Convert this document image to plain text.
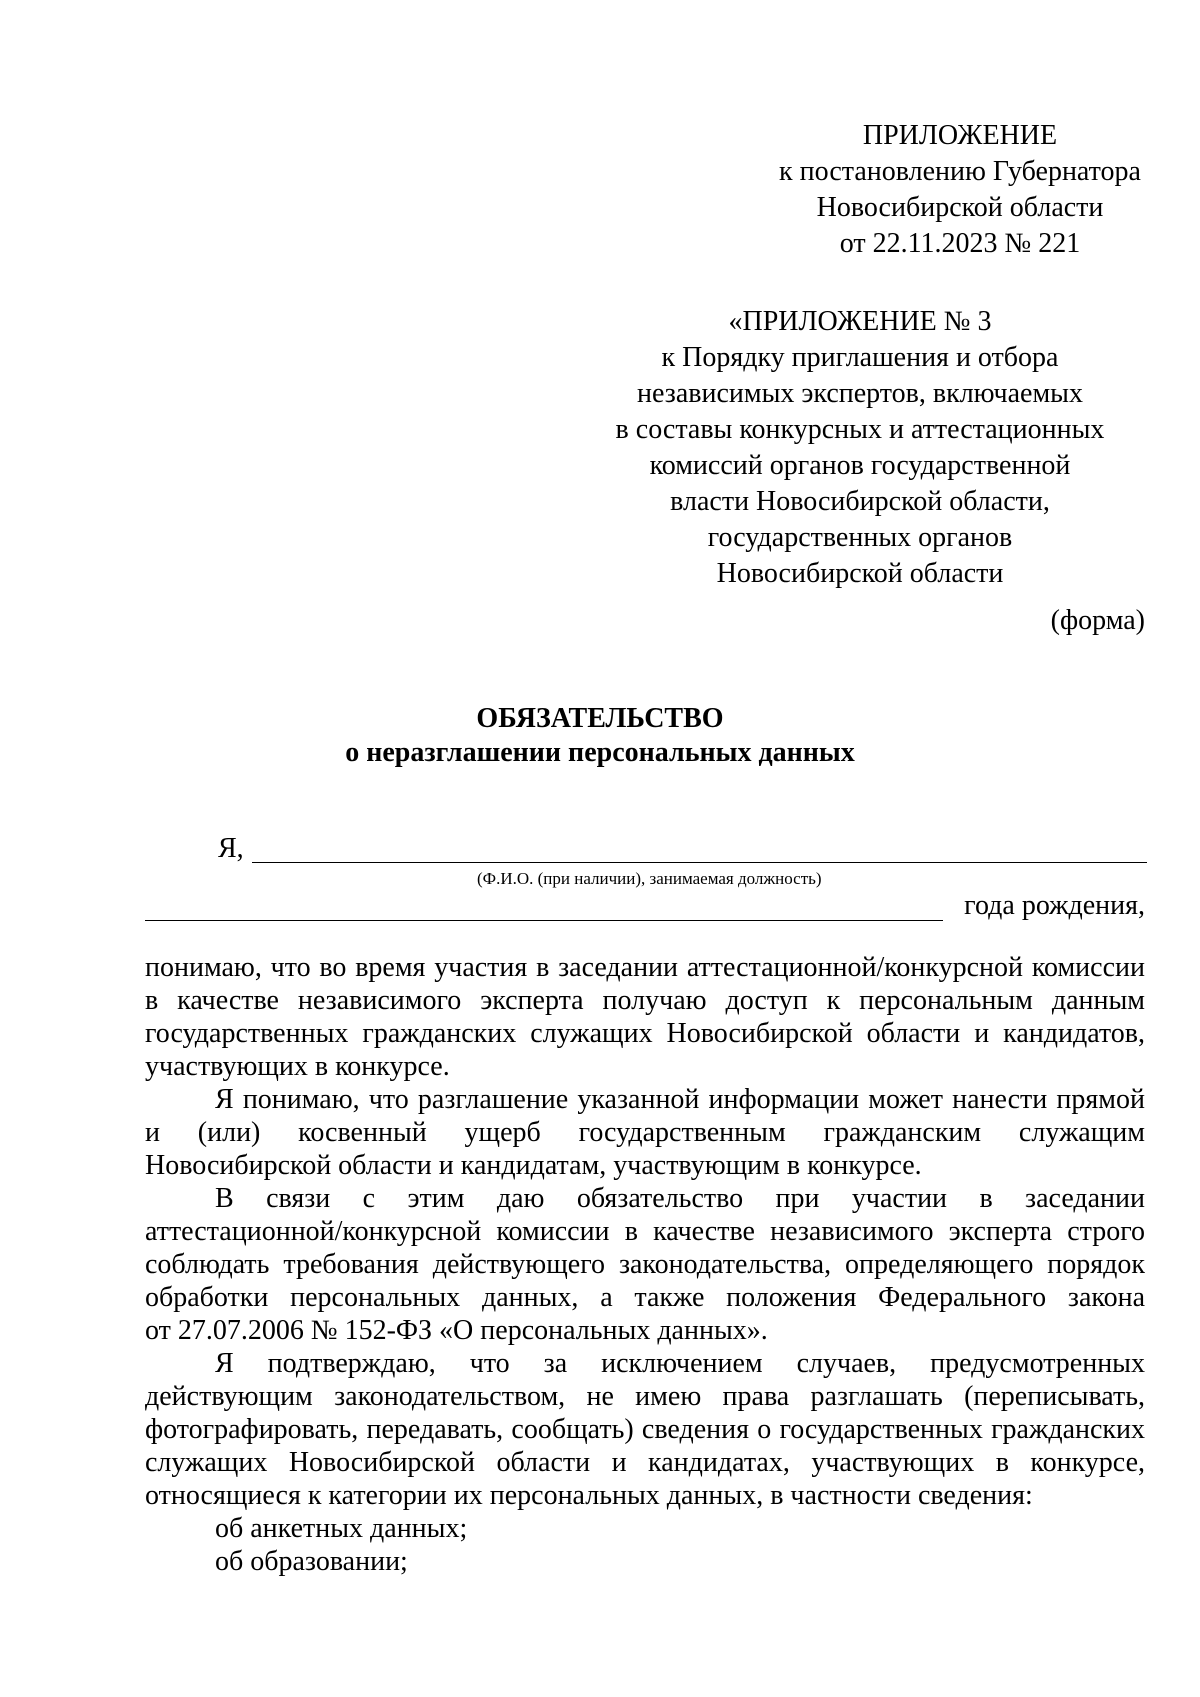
ПРИЛОЖЕНИЕ
к постановлению Губернатора
Новосибирской области
от 22.11.2023 № 221
«ПРИЛОЖЕНИЕ № 3
к Порядку приглашения и отбора
независимых экспертов, включаемых
в составы конкурсных и аттестационных
комиссий органов государственной
власти Новосибирской области,
государственных органов
Новосибирской области
(форма)
ОБЯЗАТЕЛЬСТВО
о неразглашении персональных данных
Я,
(Ф.И.О. (при наличии), занимаемая должность)
года рождения,
понимаю, что во время участия в заседании аттестационной/конкурсной комиссии
в качестве независимого эксперта получаю доступ к персональным данным
государственных гражданских служащих Новосибирской области и кандидатов,
участвующих в конкурсе.
Я понимаю, что разглашение указанной информации может нанести прямой
и (или) косвенный ущерб государственным гражданским служащим
Новосибирской области и кандидатам, участвующим в конкурсе.
В связи с этим даю обязательство при участии в заседании
аттестационной/конкурсной комиссии в качестве независимого эксперта строго
соблюдать требования действующего законодательства, определяющего порядок
обработки персональных данных, а также положения Федерального закона
от 27.07.2006 № 152-ФЗ «О персональных данных».
Я подтверждаю, что за исключением случаев, предусмотренных
действующим законодательством, не имею права разглашать (переписывать,
фотографировать, передавать, сообщать) сведения о государственных гражданских
служащих Новосибирской области и кандидатах, участвующих в конкурсе,
относящиеся к категории их персональных данных, в частности сведения:
об анкетных данных;
об образовании;
